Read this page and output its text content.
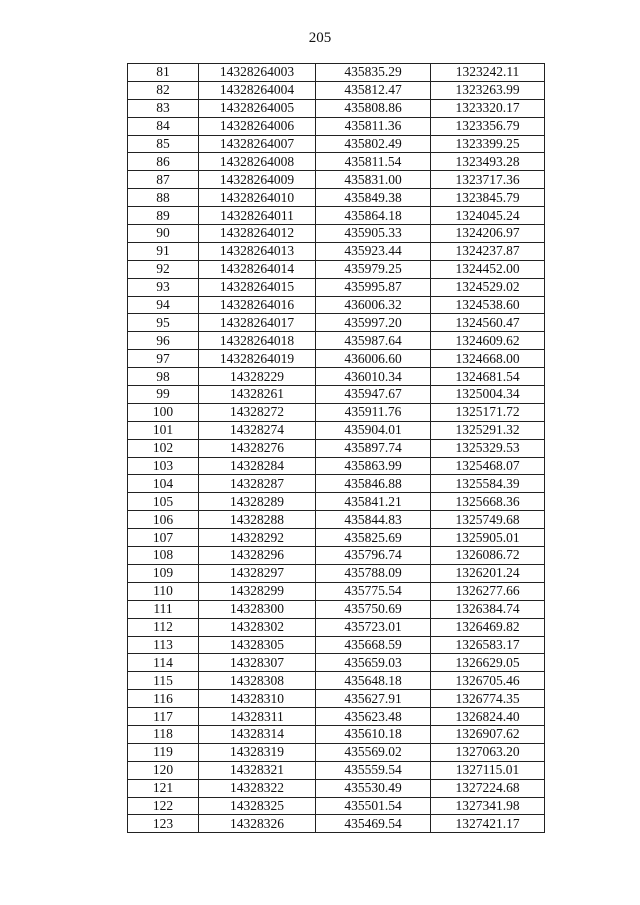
205
81	14328264003	435835.29	1323242.11
82	14328264004	435812.47	1323263.99
83	14328264005	435808.86	1323320.17
84	14328264006	435811.36	1323356.79
85	14328264007	435802.49	1323399.25
86	14328264008	435811.54	1323493.28
87	14328264009	435831.00	1323717.36
88	14328264010	435849.38	1323845.79
89	14328264011	435864.18	1324045.24
90	14328264012	435905.33	1324206.97
91	14328264013	435923.44	1324237.87
92	14328264014	435979.25	1324452.00
93	14328264015	435995.87	1324529.02
94	14328264016	436006.32	1324538.60
95	14328264017	435997.20	1324560.47
96	14328264018	435987.64	1324609.62
97	14328264019	436006.60	1324668.00
98	14328229	436010.34	1324681.54
99	14328261	435947.67	1325004.34
100	14328272	435911.76	1325171.72
101	14328274	435904.01	1325291.32
102	14328276	435897.74	1325329.53
103	14328284	435863.99	1325468.07
104	14328287	435846.88	1325584.39
105	14328289	435841.21	1325668.36
106	14328288	435844.83	1325749.68
107	14328292	435825.69	1325905.01
108	14328296	435796.74	1326086.72
109	14328297	435788.09	1326201.24
110	14328299	435775.54	1326277.66
111	14328300	435750.69	1326384.74
112	14328302	435723.01	1326469.82
113	14328305	435668.59	1326583.17
114	14328307	435659.03	1326629.05
115	14328308	435648.18	1326705.46
116	14328310	435627.91	1326774.35
117	14328311	435623.48	1326824.40
118	14328314	435610.18	1326907.62
119	14328319	435569.02	1327063.20
120	14328321	435559.54	1327115.01
121	14328322	435530.49	1327224.68
122	14328325	435501.54	1327341.98
123	14328326	435469.54	1327421.17
